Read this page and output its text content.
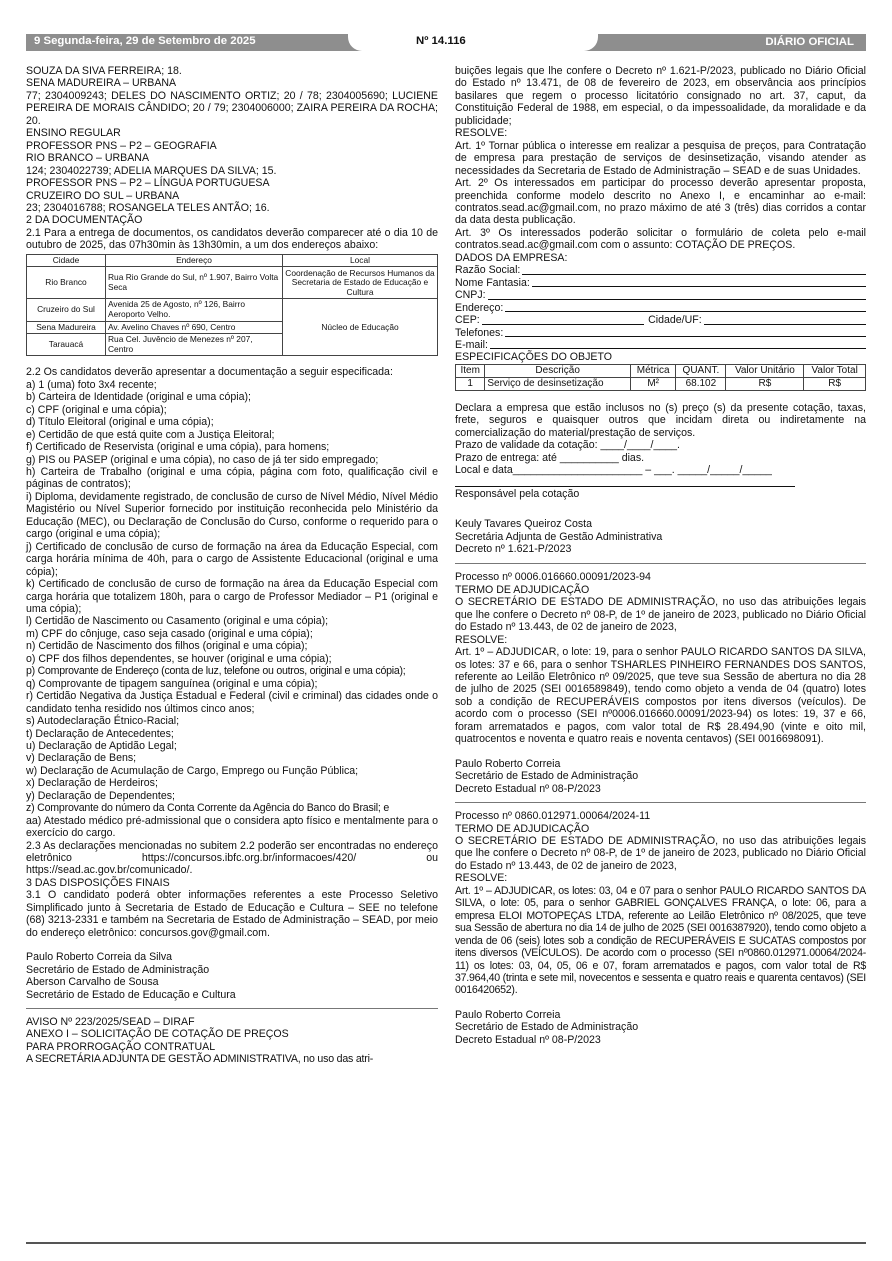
9 Segunda-feira, 29 de Setembro de 2025	Nº 14.116	DIÁRIO OFICIAL

SOUZA DA SIVA FERREIRA; 18.

SENA MADUREIRA – URBANA

77; 2304009243; DELES DO NASCIMENTO ORTIZ; 20 / 78; 2304005690; LUCIENE PEREIRA DE MORAIS CÂNDIDO; 20 / 79; 2304006000; ZAIRA PEREIRA DA ROCHA; 20.

ENSINO REGULAR

PROFESSOR PNS – P2 – GEOGRAFIA

RIO BRANCO – URBANA

124; 2304022739; ADELIA MARQUES DA SILVA; 15.

PROFESSOR PNS – P2 – LÍNGUA PORTUGUESA

CRUZEIRO DO SUL – URBANA

23; 2304016788; ROSANGELA TELES ANTÃO; 16.

2 DA DOCUMENTAÇÃO

2.1 Para a entrega de documentos, os candidatos deverão comparecer até o dia 10 de outubro de 2025, das 07h30min às 13h30min, a um dos endereços abaixo:

Cidade	Endereço	Local
Rio Branco	Rua Rio Grande do Sul, nº 1.907, Bairro Volta Seca	Coordenação de Recursos Humanos da Secretaria de Estado de Educação e Cultura
Cruzeiro do Sul	Avenida 25 de Agosto, nº 126, Bairro Aeroporto Velho.	Núcleo de Educação
Sena Madureira	Av. Avelino Chaves nº 690, Centro	
Tarauacá	Rua Cel. Juvêncio de Menezes nº 207, Centro	

2.2 Os candidatos deverão apresentar a documentação a seguir especificada:

a) 1 (uma) foto 3x4 recente;

b) Carteira de Identidade (original e uma cópia);

c) CPF (original e uma cópia);

d) Título Eleitoral (original e uma cópia);

e) Certidão de que está quite com a Justiça Eleitoral;

f) Certificado de Reservista (original e uma cópia), para homens;

g) PIS ou PASEP (original e uma cópia), no caso de já ter sido empregado;

h) Carteira de Trabalho (original e uma cópia, página com foto, qualificação civil e páginas de contratos);

i) Diploma, devidamente registrado, de conclusão de curso de Nível Médio, Nível Médio Magistério ou Nível Superior fornecido por instituição reconhecida pelo Ministério da Educação (MEC), ou Declaração de Conclusão do Curso, conforme o requerido para o cargo (original e uma cópia);

j) Certificado de conclusão de curso de formação na área da Educação Especial, com carga horária mínima de 40h, para o cargo de Assistente Educacional (original e uma cópia);

k) Certificado de conclusão de curso de formação na área da Educação Especial com carga horária que totalizem 180h, para o cargo de Professor Mediador – P1 (original e uma cópia);

l) Certidão de Nascimento ou Casamento (original e uma cópia);

m) CPF do cônjuge, caso seja casado (original e uma cópia);

n) Certidão de Nascimento dos filhos (original e uma cópia);

o) CPF dos filhos dependentes, se houver (original e uma cópia);

p) Comprovante de Endereço (conta de luz, telefone ou outros, original e uma cópia);

q) Comprovante de tipagem sanguínea (original e uma cópia);

r) Certidão Negativa da Justiça Estadual e Federal (civil e criminal) das cidades onde o candidato tenha residido nos últimos cinco anos;

s) Autodeclaração Étnico-Racial;

t) Declaração de Antecedentes;

u) Declaração de Aptidão Legal;

v) Declaração de Bens;

w) Declaração de Acumulação de Cargo, Emprego ou Função Pública;

x) Declaração de Herdeiros;

y) Declaração de Dependentes;

z) Comprovante do número da Conta Corrente da Agência do Banco do Brasil; e

aa) Atestado médico pré-admissional que o considera apto físico e mentalmente para o exercício do cargo.

2.3 As declarações mencionadas no subitem 2.2 poderão ser encontradas no endereço eletrônico https://concursos.ibfc.org.br/informacoes/420/ ou https://sead.ac.gov.br/comunicado/.

3 DAS DISPOSIÇÕES FINAIS

3.1 O candidato poderá obter informações referentes a este Processo Seletivo Simplificado junto à Secretaria de Estado de Educação e Cultura – SEE no telefone (68) 3213-2331 e também na Secretaria de Estado de Administração – SEAD, por meio do endereço eletrônico: concursos.gov@gmail.com.

Paulo Roberto Correia da Silva

Secretário de Estado de Administração

Aberson Carvalho de Sousa

Secretário de Estado de Educação e Cultura

AVISO Nº 223/2025/SEAD – DIRAF

ANEXO I – SOLICITAÇÃO DE COTAÇÃO DE PREÇOS

PARA PRORROGAÇÃO CONTRATUAL

A SECRETÁRIA ADJUNTA DE GESTÃO ADMINISTRATIVA, no uso das atri-

buições legais que lhe confere o Decreto nº 1.621-P/2023, publicado no Diário Oficial do Estado nº 13.471, de 08 de fevereiro de 2023, em observância aos princípios basilares que regem o processo licitatório consignado no art. 37, caput, da Constituição Federal de 1988, em especial, o da impessoalidade, da moralidade e da publicidade;

RESOLVE:

Art. 1º Tornar pública o interesse em realizar a pesquisa de preços, para Contratação de empresa para prestação de serviços de desinsetização, visando atender as necessidades da Secretaria de Estado de Administração – SEAD e de suas Unidades.

Art. 2º Os interessados em participar do processo deverão apresentar proposta, preenchida conforme modelo descrito no Anexo I, e encaminhar ao e-mail: contratos.sead.ac@gmail.com, no prazo máximo de até 3 (três) dias corridos a contar da data desta publicação.

Art. 3º Os interessados poderão solicitar o formulário de coleta pelo e-mail contratos.sead.ac@gmail.com com o assunto: COTAÇÃO DE PREÇOS.

DADOS DA EMPRESA:

Razão Social:
Nome Fantasia:
CNPJ:
Endereço:
CEP:	Cidade/UF:
Telefones:
E-mail:

ESPECIFICAÇÕES DO OBJETO

Item	Descrição	Métrica	QUANT.	Valor Unitário	Valor Total
1	Serviço de desinsetização	M²	68.102	R$	R$

Declara a empresa que estão inclusos no (s) preço (s) da presente cotação, taxas, frete, seguros e quaisquer outros que incidam direta ou indiretamente na comercialização do material/prestação de serviços.

Prazo de validade da cotação: ____/____/____.

Prazo de entrega: até __________ dias.

Local e data______________________ – ___. _____/_____/_____

Responsável pela cotação

Keuly Tavares Queiroz Costa

Secretária Adjunta de Gestão Administrativa

Decreto nº 1.621-P/2023

Processo nº 0006.016660.00091/2023-94

TERMO DE ADJUDICAÇÃO

O SECRETÁRIO DE ESTADO DE ADMINISTRAÇÃO, no uso das atribuições legais que lhe confere o Decreto nº 08-P, de 1º de janeiro de 2023, publicado no Diário Oficial do Estado nº 13.443, de 02 de janeiro de 2023,

RESOLVE:

Art. 1º – ADJUDICAR, o lote: 19, para o senhor PAULO RICARDO SANTOS DA SILVA, os lotes: 37 e 66, para o senhor TSHARLES PINHEIRO FERNANDES DOS SANTOS, referente ao Leilão Eletrônico nº 09/2025, que teve sua Sessão de abertura no dia 28 de julho de 2025 (SEI 0016589849), tendo como objeto a venda de 04 (quatro) lotes sob a condição de RECUPERÁVEIS compostos por itens diversos (veículos). De acordo com o processo (SEI nº0006.016660.00091/2023-94) os lotes: 19, 37 e 66, foram arrematados e pagos, com valor total de R$ 28.494,90 (vinte e oito mil, quatrocentos e noventa e quatro reais e noventa centavos) (SEI 0016698091).

Paulo Roberto Correia

Secretário de Estado de Administração

Decreto Estadual nº 08-P/2023

Processo nº 0860.012971.00064/2024-11

TERMO DE ADJUDICAÇÃO

O SECRETÁRIO DE ESTADO DE ADMINISTRAÇÃO, no uso das atribuições legais que lhe confere o Decreto nº 08-P, de 1º de janeiro de 2023, publicado no Diário Oficial do Estado nº 13.443, de 02 de janeiro de 2023,

RESOLVE:

Art. 1º – ADJUDICAR, os lotes: 03, 04 e 07 para o senhor PAULO RICARDO SANTOS DA SILVA, o lote: 05, para o senhor GABRIEL GONÇALVES FRANÇA, o lote: 06, para a empresa ELOI MOTOPEÇAS LTDA, referente ao Leilão Eletrônico nº 08/2025, que teve sua Sessão de abertura no dia 14 de julho de 2025 (SEI 0016387920), tendo como objeto a venda de 06 (seis) lotes sob a condição de RECUPERÁVEIS E SUCATAS compostos por itens diversos (VEÍCULOS). De acordo com o processo (SEI nº0860.012971.00064/2024-11) os lotes: 03, 04, 05, 06 e 07, foram arrematados e pagos, com valor total de R$ 37.964,40 (trinta e sete mil, novecentos e sessenta e quatro reais e quarenta centavos) (SEI 0016420652).

Paulo Roberto Correia

Secretário de Estado de Administração

Decreto Estadual nº 08-P/2023
